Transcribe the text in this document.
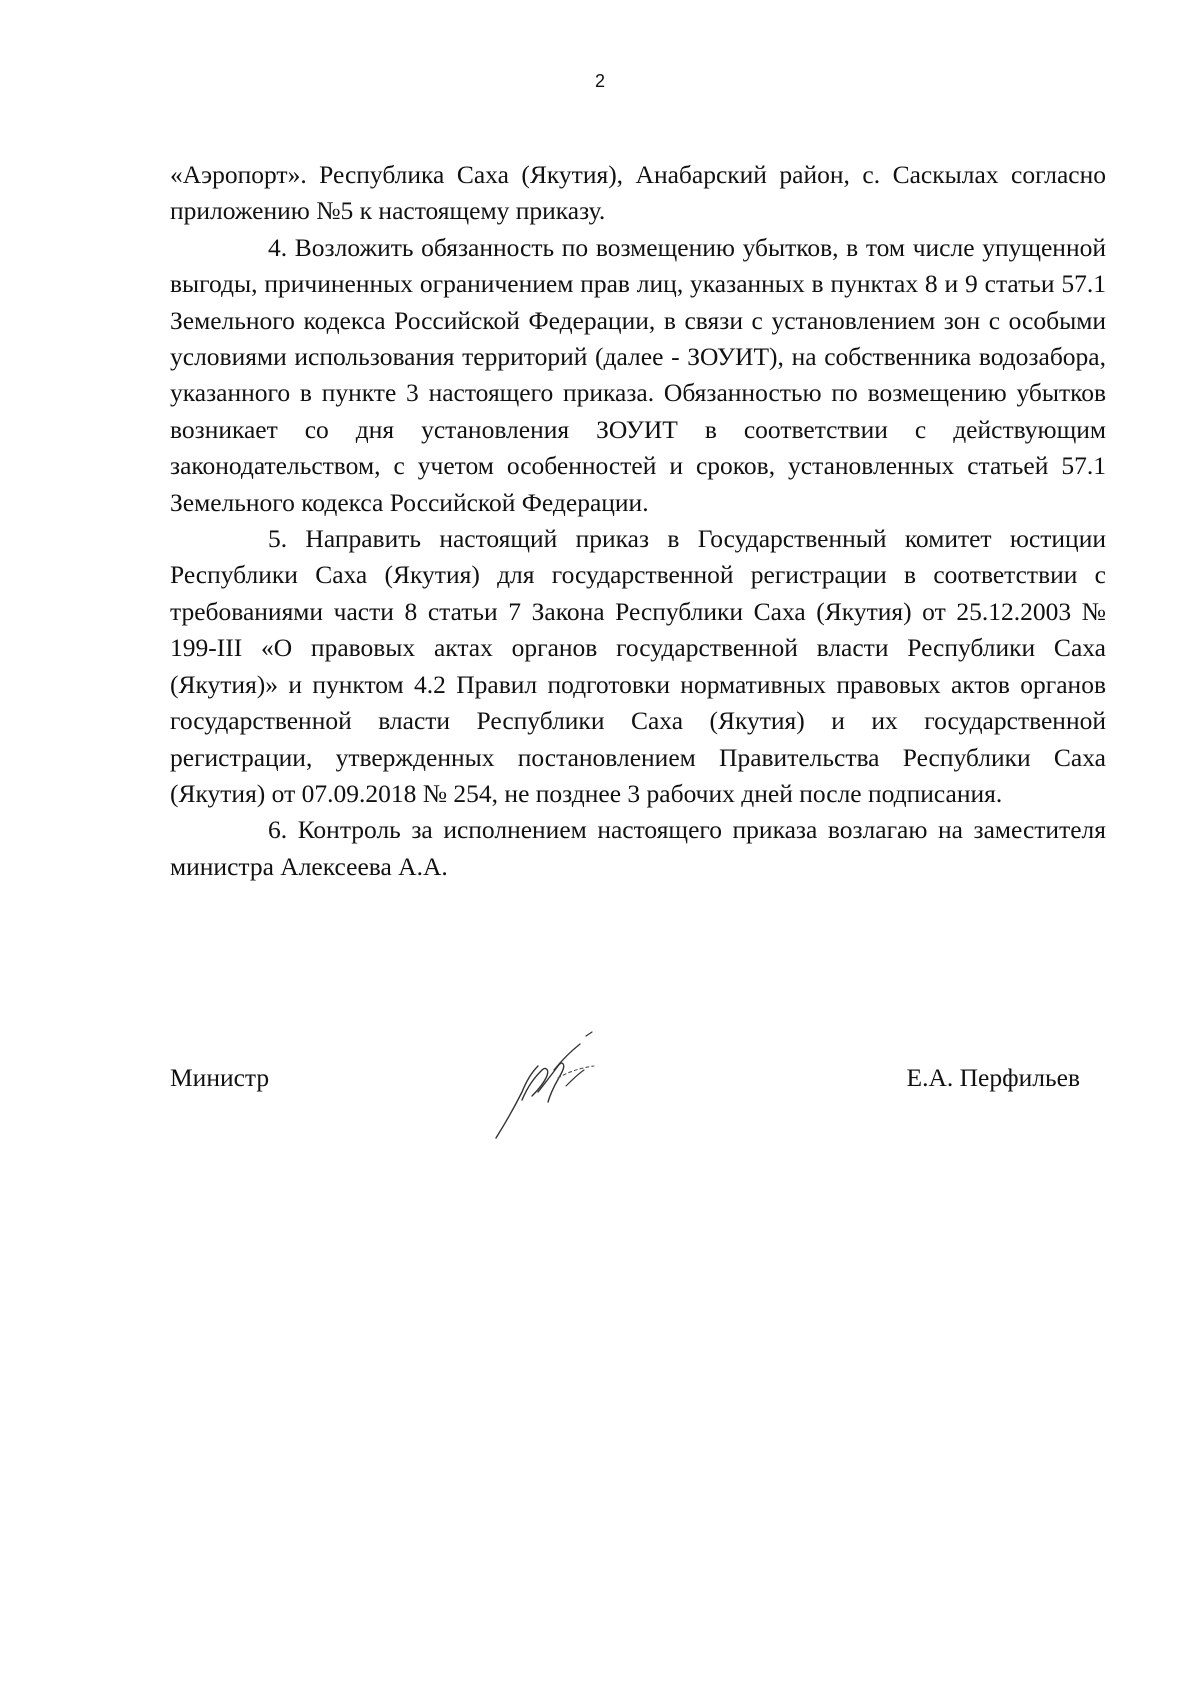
2

«Аэропорт». Республика Саха (Якутия), Анабарский район, с. Саскылах согласно приложению №5 к настоящему приказу.

4. Возложить обязанность по возмещению убытков, в том числе упущенной выгоды, причиненных ограничением прав лиц, указанных в пунктах 8 и 9 статьи 57.1 Земельного кодекса Российской Федерации, в связи с установлением зон с особыми условиями использования территорий (далее - ЗОУИТ), на собственника водозабора, указанного в пункте 3 настоящего приказа. Обязанностью по возмещению убытков возникает со дня установления ЗОУИТ в соответствии с действующим законодательством, с учетом особенностей и сроков, установленных статьей 57.1 Земельного кодекса Российской Федерации.

5. Направить настоящий приказ в Государственный комитет юстиции Республики Саха (Якутия) для государственной регистрации в соответствии с требованиями части 8 статьи 7 Закона Республики Саха (Якутия) от 25.12.2003 № 199-III «О правовых актах органов государственной власти Республики Саха (Якутия)» и пунктом 4.2 Правил подготовки нормативных правовых актов органов государственной власти Республики Саха (Якутия) и их государственной регистрации, утвержденных постановлением Правительства Республики Саха (Якутия) от 07.09.2018 № 254, не позднее 3 рабочих дней после подписания.

6. Контроль за исполнением настоящего приказа возлагаю на заместителя министра Алексеева А.А.

Министр	Е.А. Перфильев
